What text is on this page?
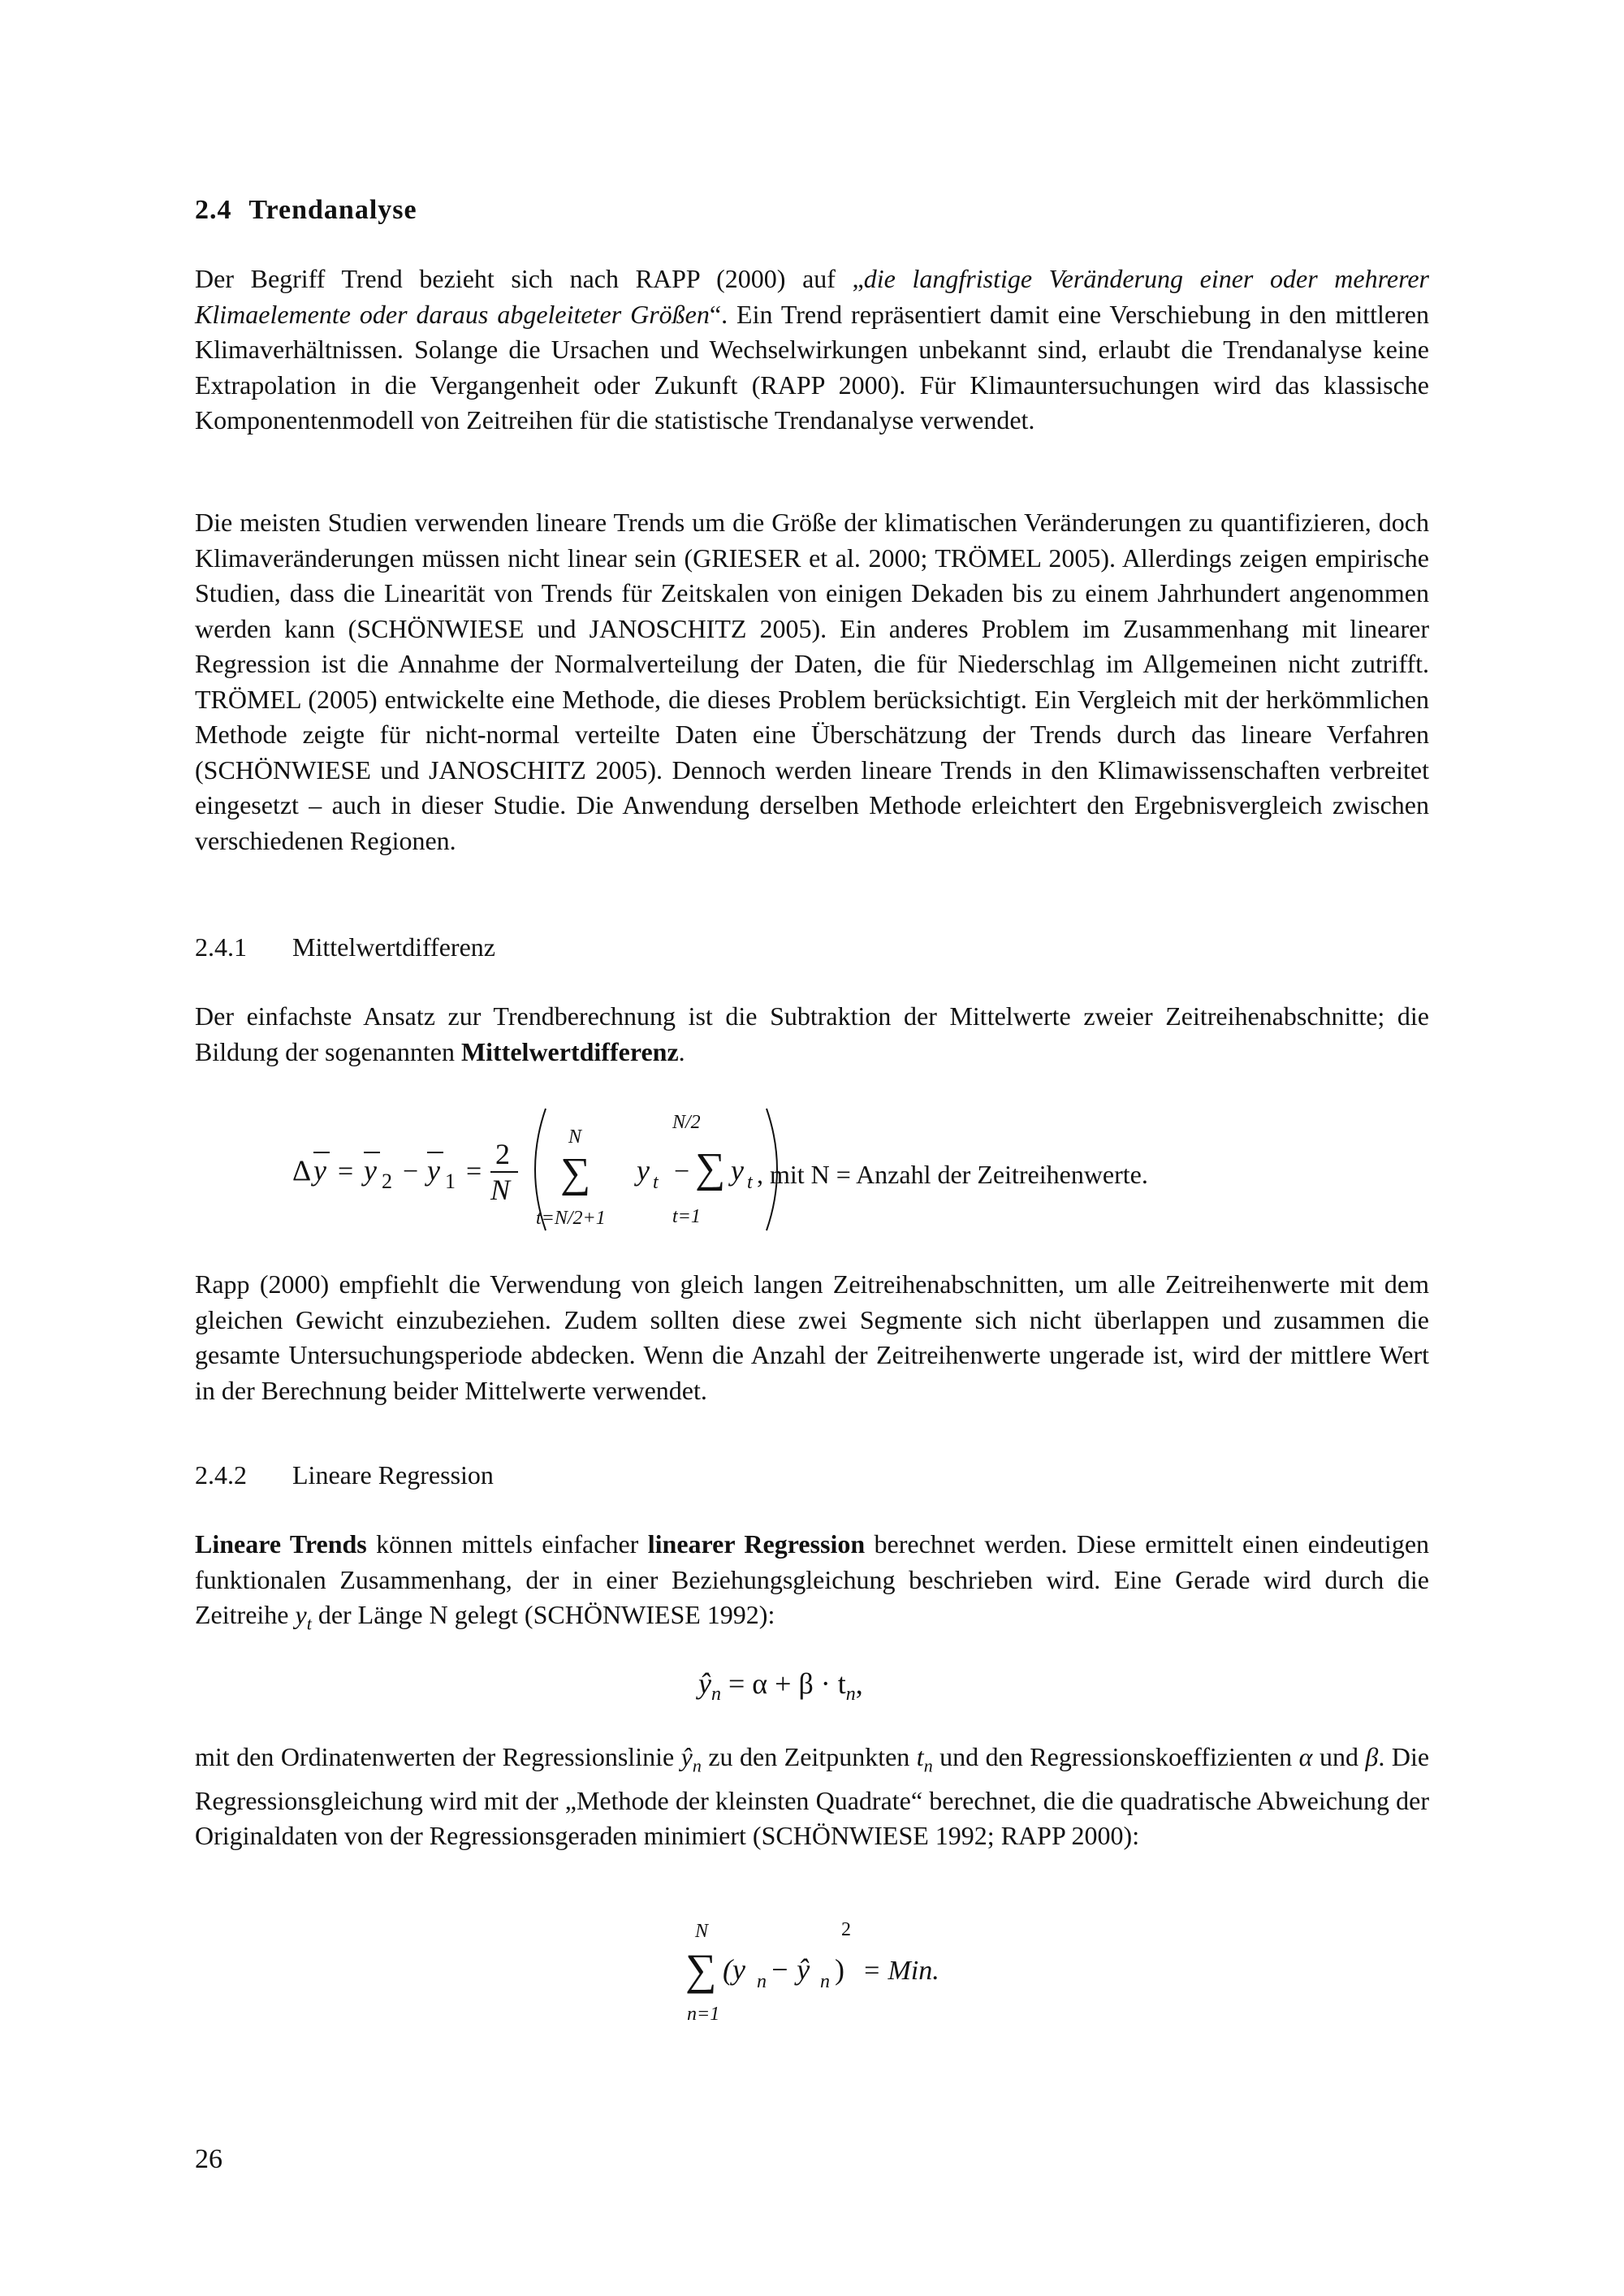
2.4 Trendanalyse

Der Begriff Trend bezieht sich nach RAPP (2000) auf „die langfristige Veränderung einer oder mehrerer Klimaelemente oder daraus abgeleiteter Größen“. Ein Trend repräsentiert damit eine Verschiebung in den mittleren Klimaverhältnissen. Solange die Ursachen und Wechselwirkungen unbekannt sind, erlaubt die Trendanalyse keine Extrapolation in die Vergangenheit oder Zukunft (RAPP 2000). Für Klimauntersuchungen wird das klassische Komponentenmodell von Zeitreihen für die statistische Trendanalyse verwendet.

Die meisten Studien verwenden lineare Trends um die Größe der klimatischen Veränderungen zu quantifizieren, doch Klimaveränderungen müssen nicht linear sein (GRIESER et al. 2000; TRÖMEL 2005). Allerdings zeigen empirische Studien, dass die Linearität von Trends für Zeitskalen von einigen Dekaden bis zu einem Jahrhundert angenommen werden kann (SCHÖNWIESE und JANOSCHITZ 2005). Ein anderes Problem im Zusammenhang mit linearer Regression ist die Annahme der Normalverteilung der Daten, die für Niederschlag im Allgemeinen nicht zutrifft. TRÖMEL (2005) entwickelte eine Methode, die dieses Problem berücksichtigt. Ein Vergleich mit der herkömmlichen Methode zeigte für nicht-normal verteilte Daten eine Überschätzung der Trends durch das lineare Verfahren (SCHÖNWIESE und JANOSCHITZ 2005). Dennoch werden lineare Trends in den Klimawissenschaften verbreitet eingesetzt – auch in dieser Studie. Die Anwendung derselben Methode erleichtert den Ergebnisvergleich zwischen verschiedenen Regionen.

2.4.1 Mittelwertdifferenz

Der einfachste Ansatz zur Trendberechnung ist die Subtraktion der Mittelwerte zweier Zeitreihenabschnitte; die Bildung der sogenannten Mittelwertdifferenz.

Δ y = y 2 − y 1 =
2
N
N
∑
t=N/2+1
y t −
N/2
∑
t=1
y t , mit N = Anzahl der Zeitreihenwerte.

Rapp (2000) empfiehlt die Verwendung von gleich langen Zeitreihenabschnitten, um alle Zeitreihenwerte mit dem gleichen Gewicht einzubeziehen. Zudem sollten diese zwei Segmente sich nicht überlappen und zusammen die gesamte Untersuchungsperiode abdecken. Wenn die Anzahl der Zeitreihenwerte ungerade ist, wird der mittlere Wert in der Berechnung beider Mittelwerte verwendet.

2.4.2 Lineare Regression

Lineare Trends können mittels einfacher linearer Regression berechnet werden. Diese ermittelt einen eindeutigen funktionalen Zusammenhang, der in einer Beziehungsgleichung beschrieben wird. Eine Gerade wird durch die Zeitreihe $y_t$ der Länge N gelegt (SCHÖNWIESE 1992):

$ŷ_n = \alpha + \beta \cdot t_n$,

mit den Ordinatenwerten der Regressionslinie $ŷ_n$ zu den Zeitpunkten $t_n$ und den Regressionskoeffizienten α und β. Die Regressionsgleichung wird mit der „Methode der kleinsten Quadrate“ berechnet, die die quadratische Abweichung der Originaldaten von der Regressionsgeraden minimiert (SCHÖNWIESE 1992; RAPP 2000):

N
∑
n=1
(y n − ŷ n )
2
= Min.
26
